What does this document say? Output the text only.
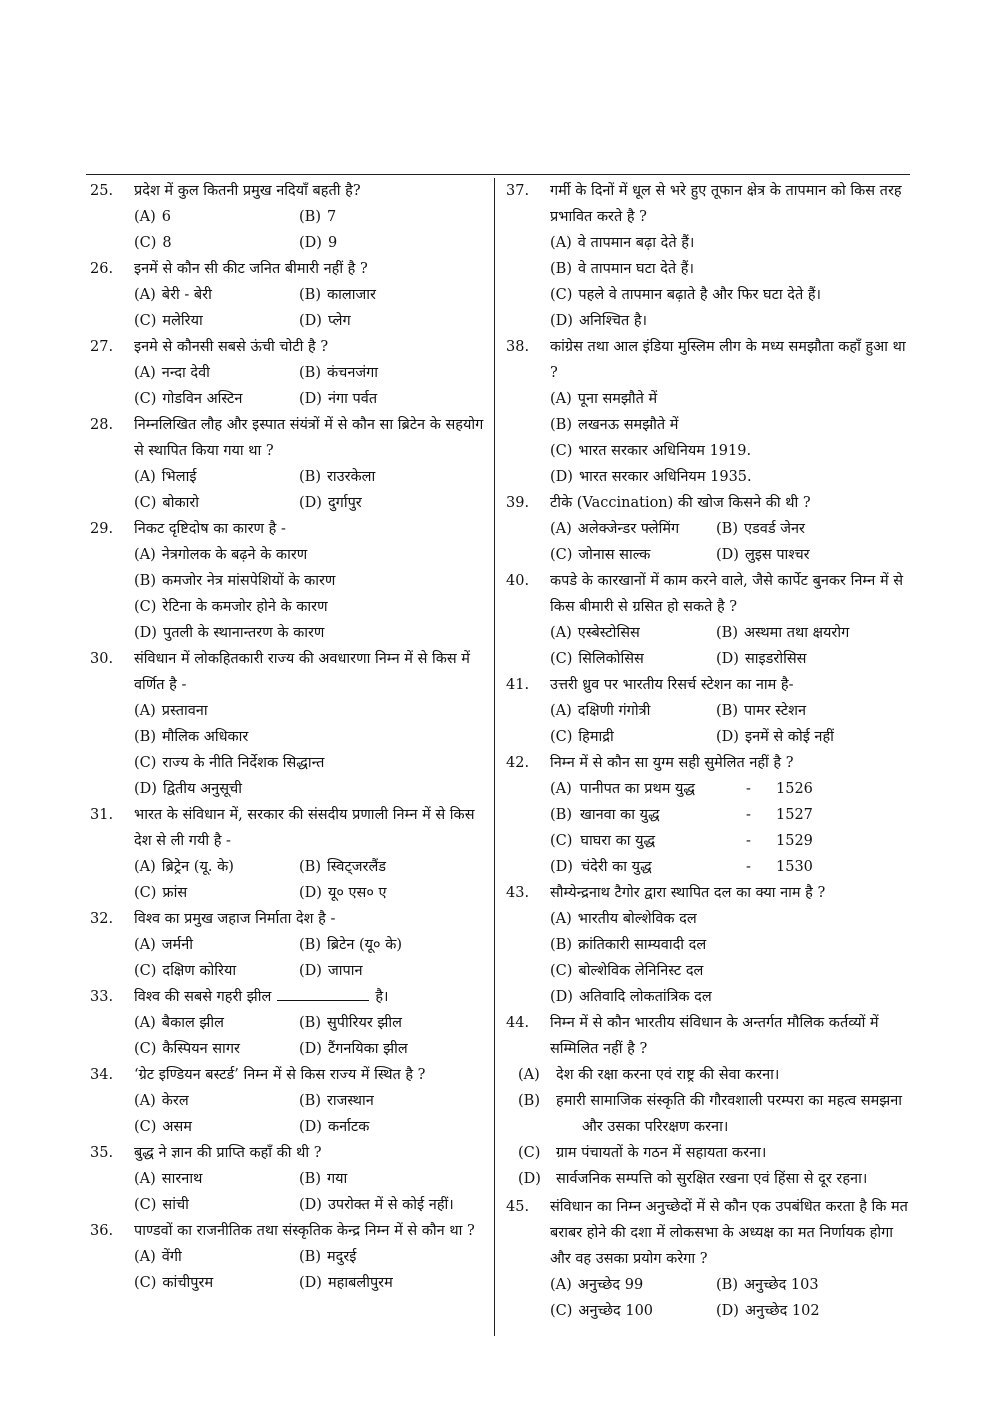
25. प्रदेश में कुल कितनी प्रमुख नदियाँ बहती है?
(A) 6	(B) 7
(C) 8	(D) 9
26. इनमें से कौन सी कीट जनित बीमारी नहीं है ?
(A) बेरी - बेरी	(B) कालाजार
(C) मलेरिया	(D) प्लेग
27. इनमे से कौनसी सबसे ऊंची चोटी है ?
(A) नन्दा देवी	(B) कंचनजंगा
(C) गोडविन अस्टिन	(D) नंगा पर्वत
28. निम्नलिखित लौह और इस्पात संयंत्रों में से कौन सा ब्रिटेन के सहयोग से स्थापित किया गया था ?
(A) भिलाई	(B) राउरकेला
(C) बोकारो	(D) दुर्गापुर
29. निकट दृष्टिदोष का कारण है -
(A) नेत्रगोलक के बढ़ने के कारण
(B) कमजोर नेत्र मांसपेशियों के कारण
(C) रेटिना के कमजोर होने के कारण
(D) पुतली के स्थानान्तरण के कारण
30. संविधान में लोकहितकारी राज्य की अवधारणा निम्न में से किस में वर्णित है -
(A) प्रस्तावना
(B) मौलिक अधिकार
(C) राज्य के नीति निर्देशक सिद्धान्त
(D) द्वितीय अनुसूची
31. भारत के संविधान में, सरकार की संसदीय प्रणाली निम्न में से किस देश से ली गयी है -
(A) ब्रिट्रेन (यू. के)	(B) स्विट्जरलैंड
(C) फ्रांस	(D) यू० एस० ए
32. विश्व का प्रमुख जहाज निर्माता देश है -
(A) जर्मनी	(B) ब्रिटेन (यू० के)
(C) दक्षिण कोरिया	(D) जापान
33. विश्व की सबसे गहरी झील	है।
(A) बैकाल झील	(B) सुपीरियर झील
(C) कैस्पियन सागर	(D) टैंगनयिका झील
34. ‘ग्रेट इण्डियन बस्टर्ड’ निम्न में से किस राज्य में स्थित है ?
(A) केरल	(B) राजस्थान
(C) असम	(D) कर्नाटक
35. बुद्ध ने ज्ञान की प्राप्ति कहाँ की थी ?
(A) सारनाथ	(B) गया
(C) सांची	(D) उपरोक्त में से कोई नहीं।
36. पाण्डवों का राजनीतिक तथा संस्कृतिक केन्द्र निम्न में से कौन था ?
(A) वेंगी	(B) मदुरई
(C) कांचीपुरम	(D) महाबलीपुरम
37. गर्मी के दिनों में धूल से भरे हुए तूफान क्षेत्र के तापमान को किस तरह प्रभावित करते है ?
(A) वे तापमान बढ़ा देते हैं।
(B) वे तापमान घटा देते हैं।
(C) पहले वे तापमान बढ़ाते है और फिर घटा देते हैं।
(D) अनिश्चित है।
38. कांग्रेस तथा आल इंडिया मुस्लिम लीग के मध्य समझौता कहाँ हुआ था ?
(A) पूना समझौते में
(B) लखनऊ समझौते में
(C) भारत सरकार अधिनियम 1919.
(D) भारत सरकार अधिनियम 1935.
39. टीके (Vaccination) की खोज किसने की थी ?
(A) अलेक्जेन्डर फ्लेमिंग	(B) एडवर्ड जेनर
(C) जोनास साल्क	(D) लुइस पाश्चर
40. कपडे के कारखानों में काम करने वाले, जैसे कार्पेट बुनकर निम्न में से किस बीमारी से ग्रसित हो सकते है ?
(A) एस्बेस्टोसिस	(B) अस्थमा तथा क्षयरोग
(C) सिलिकोसिस	(D) साइडरोसिस
41. उत्तरी ध्रुव पर भारतीय रिसर्च स्टेशन का नाम है-
(A) दक्षिणी गंगोत्री	(B) पामर स्टेशन
(C) हिमाद्री	(D) इनमें से कोई नहीं
42. निम्न में से कौन सा युग्म सही सुमेलित नहीं है ?
(A) पानीपत का प्रथम युद्ध	-	1526
(B) खानवा का युद्ध	-	1527
(C) घाघरा का युद्ध	-	1529
(D) चंदेरी का युद्ध	-	1530
43. सौम्येन्द्रनाथ टैगोर द्वारा स्थापित दल का क्या नाम है ?
(A) भारतीय बोल्शेविक दल
(B) क्रांतिकारी साम्यवादी दल
(C) बोल्शेविक लेनिनिस्ट दल
(D) अतिवादि लोकतांत्रिक दल
44. निम्न में से कौन भारतीय संविधान के अन्तर्गत मौलिक कर्तव्यों में सम्मिलित नहीं है ?
(A) देश की रक्षा करना एवं राष्ट्र की सेवा करना।
(B) हमारी सामाजिक संस्कृति की गौरवशाली परम्परा का महत्व समझना और उसका परिरक्षण करना।
(C) ग्राम पंचायतों के गठन में सहायता करना।
(D) सार्वजनिक सम्पत्ति को सुरक्षित रखना एवं हिंसा से दूर रहना।
45. संविधान का निम्न अनुच्छेदों में से कौन एक उपबंधित करता है कि मत बराबर होने की दशा में लोकसभा के अध्यक्ष का मत निर्णायक होगा और वह उसका प्रयोग करेगा ?
(A) अनुच्छेद 99	(B) अनुच्छेद 103
(C) अनुच्छेद 100	(D) अनुच्छेद 102
